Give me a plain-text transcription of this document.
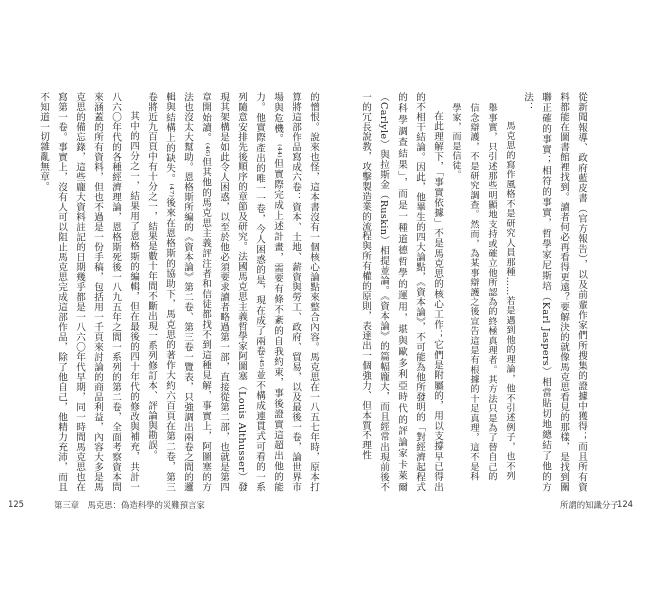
的憎恨。說來也怪，這本書沒有一個核心論點來整合內容。馬克思在一八五七年時，原本打算將這部作品寫成六卷：資本、土地、薪資與勞工、政府、貿易，以及最後一卷，論世界市場與危機。⁽⁴⁴⁾但實際完成上述計畫，需要有條不紊的自我約束，事後證實這超出他的能力。他實際產出的唯一一卷，今人困惑的是，現在成了兩卷⁽⁴⁵⁾並不構成連貫式可看的一系列隨意安排先後順序的章節及研究。法國馬克思主義哲學家阿圖塞（Louis Althusser）發現其架構是如此令人困惑，以至於他必須要求讀者略過第一部，直接從第二部，也就是第四章開始讀。⁽⁴⁶⁾但其他的馬克思主義評注者和信徒都找不到這種見解，事實上，阿圖塞的方法也沒太大幫助。恩格斯所編的《資本論》第二卷、第三卷一覽表，只強調出兩卷之間的邏輯與結構上的缺失。⁽⁴⁷⁾後來在恩格斯的協助下，馬克思的著作大約六百頁在第二卷，第三卷將近九百頁中有十分之一，結果是數十年間不斷出現一系列修訂本、評論與勘誤。

其中的四分之一，結果用了恩格斯的編輯，但在最後的四十年代的修改與補充，共計一八六〇年代的各種經濟理論，恩格斯死後一八九五年之間一系列的第二卷，全面考察資本問來涵蓋的所有資料，但也不過是一份手稿，包括用一千頁來討論的商品利益，內容大多是馬克思的備忘錄，這些龐大資料註記的日期幾乎都是一八六〇年代早期，同一時間馬克思也在寫第一卷。事實上，沒有人可以阻止馬克思完成這部作品，除了他自己，他精力充沛，而且不知道一切雜亂無章。	從新聞報導、政府藍皮書（官方報告），以及前輩作家們所搜集的證據中獲得；而且所有資料都能在圖書館裡找到。讀者何必再看得更遠？要解決的就像馬克思看見的那樣，是找到關聯正確的事實；相符的事實，哲學家尼斯培（Karl Jaspers）相當貼切地總結了他的方法：

馬克思的寫作風格不是研究人員那種……若是遇到他的理論，他不引述例子，也不列舉事實，只引述那些明顯地支持或確立他所認為的終極真理者。其方法只是為了替自己的信念辯護，不是研究調查。然而，為某事辯護之後宣告這是有根據的十足真理，這不是科學家，而是信徒。

在此理解下，「事實依據」不是馬克思的核心工作；它們是附屬的，用以支撐早已得出的不相干結論。因此，他畢生的四大論點，《資本論》，不可能為他所發明的「對經濟起程式的科學調查結果」，而是一種道德哲學的運用，堪與歐多利亞時代的評論家卡萊爾（Carlyle）與拉斯金（Ruskin）相提並論。《資本論》的篇幅龐大，而且經常出現前後不一的冗長說教，攻擊製造業的流程與所有權的原則，表達出一個強力、但本質不理性

125	第三章　 馬克思：偽造科學的災難預言家	所謂的知識分子
124
